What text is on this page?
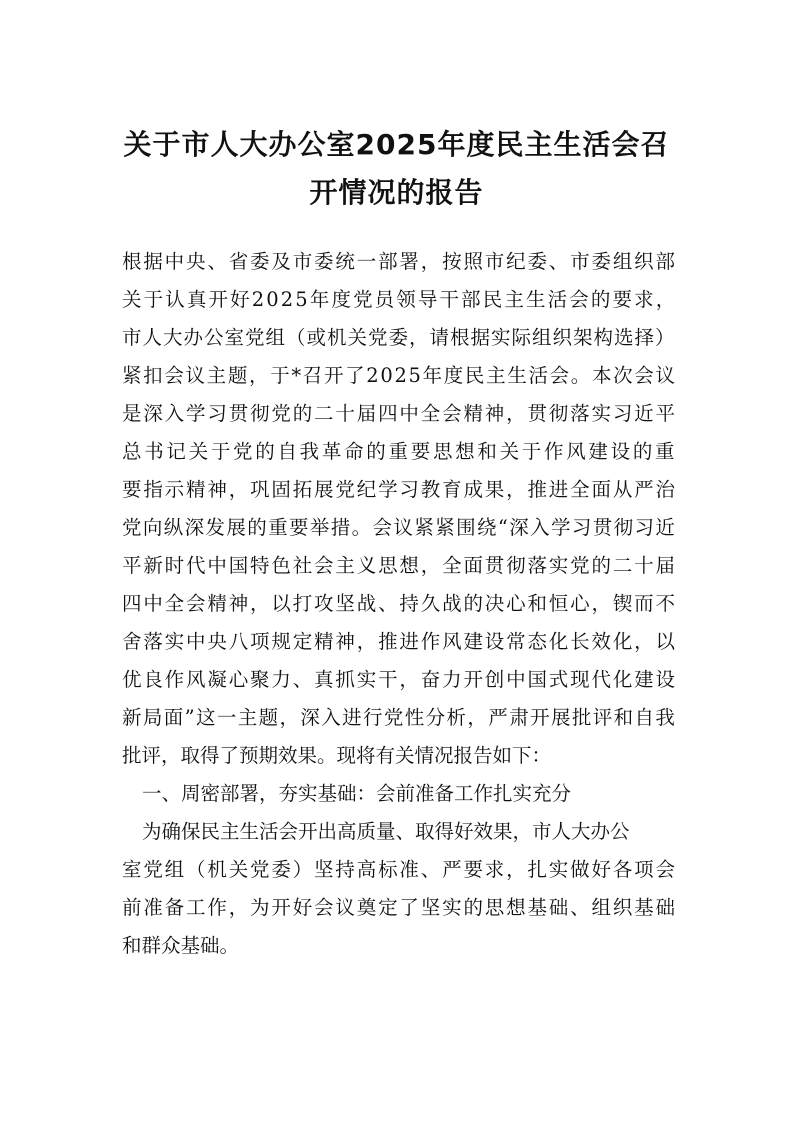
关于市人大办公室2025年度民主生活会召
开情况的报告
根据中央、省委及市委统一部署，按照市纪委、市委组织部
关于认真开好2025年度党员领导干部民主生活会的要求，
市人大办公室党组（或机关党委，请根据实际组织架构选择）
紧扣会议主题，于*召开了2025年度民主生活会。本次会议
是深入学习贯彻党的二十届四中全会精神，贯彻落实习近平
总书记关于党的自我革命的重要思想和关于作风建设的重
要指示精神，巩固拓展党纪学习教育成果，推进全面从严治
党向纵深发展的重要举措。会议紧紧围绕“深入学习贯彻习近
平新时代中国特色社会主义思想，全面贯彻落实党的二十届
四中全会精神，以打攻坚战、持久战的决心和恒心，锲而不
舍落实中央八项规定精神，推进作风建设常态化长效化，以
优良作风凝心聚力、真抓实干，奋力开创中国式现代化建设
新局面”这一主题，深入进行党性分析，严肃开展批评和自我
批评，取得了预期效果。现将有关情况报告如下：
一、周密部署，夯实基础：会前准备工作扎实充分
为确保民主生活会开出高质量、取得好效果，市人大办公
室党组（机关党委）坚持高标准、严要求，扎实做好各项会
前准备工作，为开好会议奠定了坚实的思想基础、组织基础
和群众基础。
